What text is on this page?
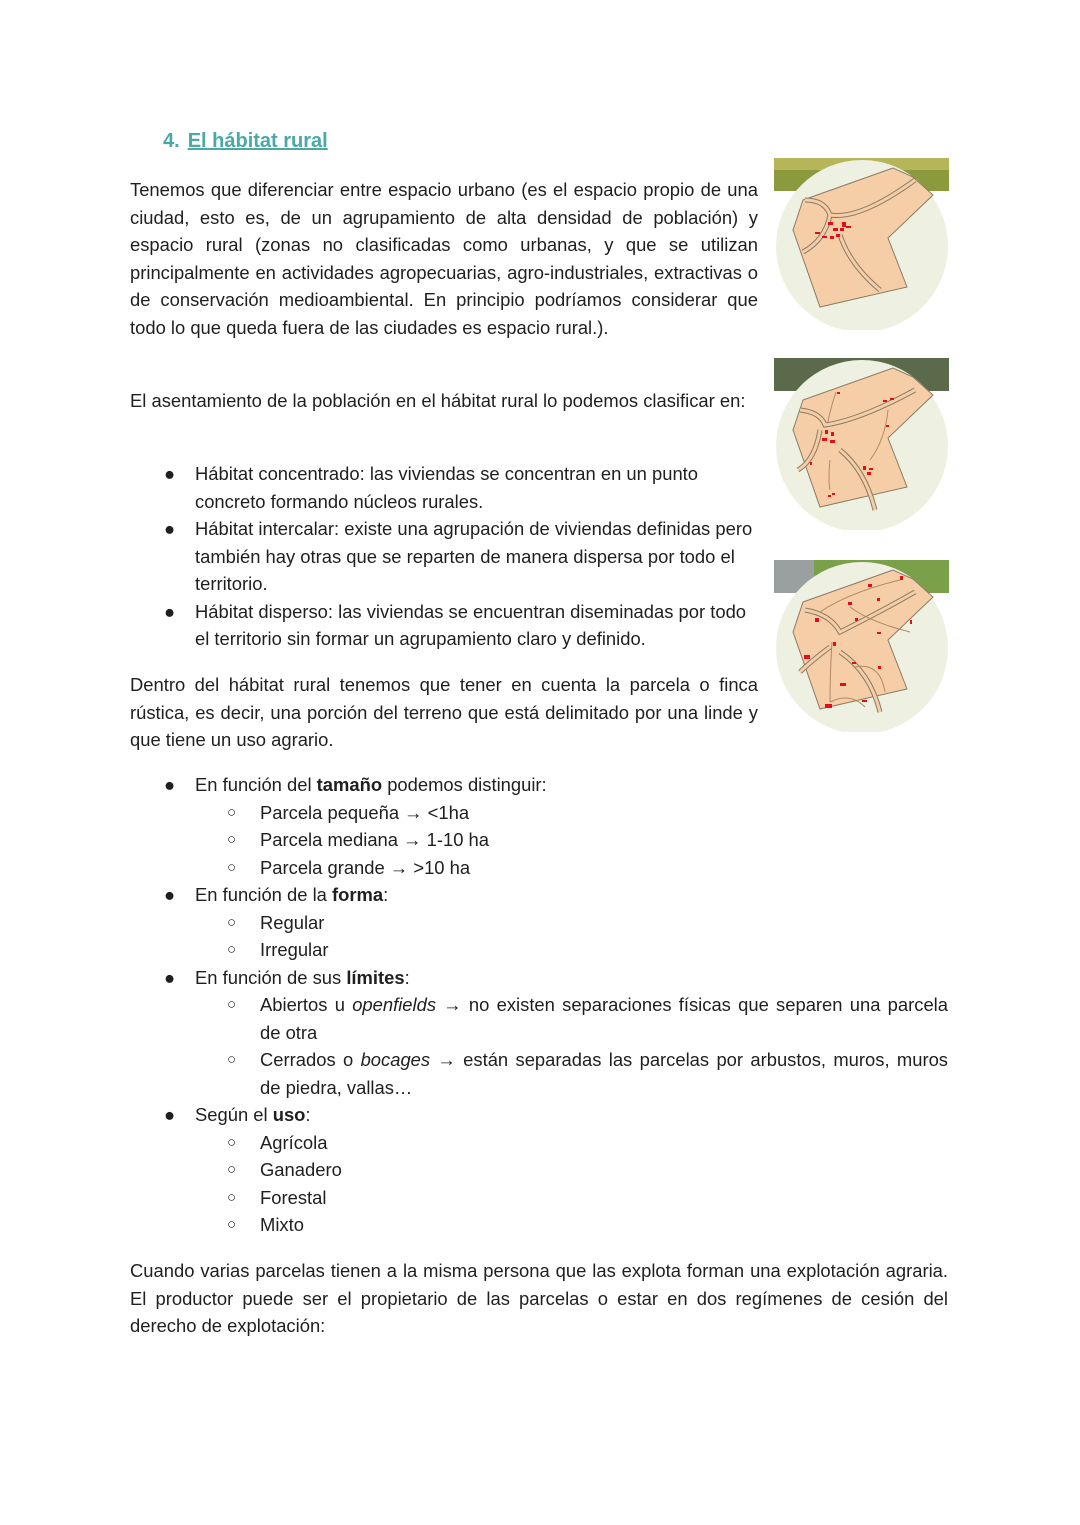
4. El hábitat rural

Tenemos que diferenciar entre espacio urbano (es el espacio propio de una ciudad, esto es, de un agrupamiento de alta densidad de población) y espacio rural (zonas no clasificadas como urbanas, y que se utilizan principalmente en actividades agropecuarias, agro-industriales, extractivas o de conservación medioambiental. En principio podríamos considerar que todo lo que queda fuera de las ciudades es espacio rural.).

El asentamiento de la población en el hábitat rural lo podemos clasificar en:

● Hábitat concentrado: las viviendas se concentran en un punto concreto formando núcleos rurales.
● Hábitat intercalar: existe una agrupación de viviendas definidas pero también hay otras que se reparten de manera dispersa por todo el territorio.
● Hábitat disperso: las viviendas se encuentran diseminadas por todo el territorio sin formar un agrupamiento claro y definido.

Dentro del hábitat rural tenemos que tener en cuenta la parcela o finca rústica, es decir, una porción del terreno que está delimitado por una linde y que tiene un uso agrario.

● En función del tamaño podemos distinguir:
○ Parcela pequeña → <1ha
○ Parcela mediana → 1-10 ha
○ Parcela grande → >10 ha
● En función de la forma:
○ Regular
○ Irregular
● En función de sus límites:
○ Abiertos u openfields → no existen separaciones físicas que separen una parcela de otra
○ Cerrados o bocages → están separadas las parcelas por arbustos, muros, muros de piedra, vallas…
● Según el uso:
○ Agrícola
○ Ganadero
○ Forestal
○ Mixto

Cuando varias parcelas tienen a la misma persona que las explota forman una explotación agraria. El productor puede ser el propietario de las parcelas o estar en dos regímenes de cesión del derecho de explotación:
